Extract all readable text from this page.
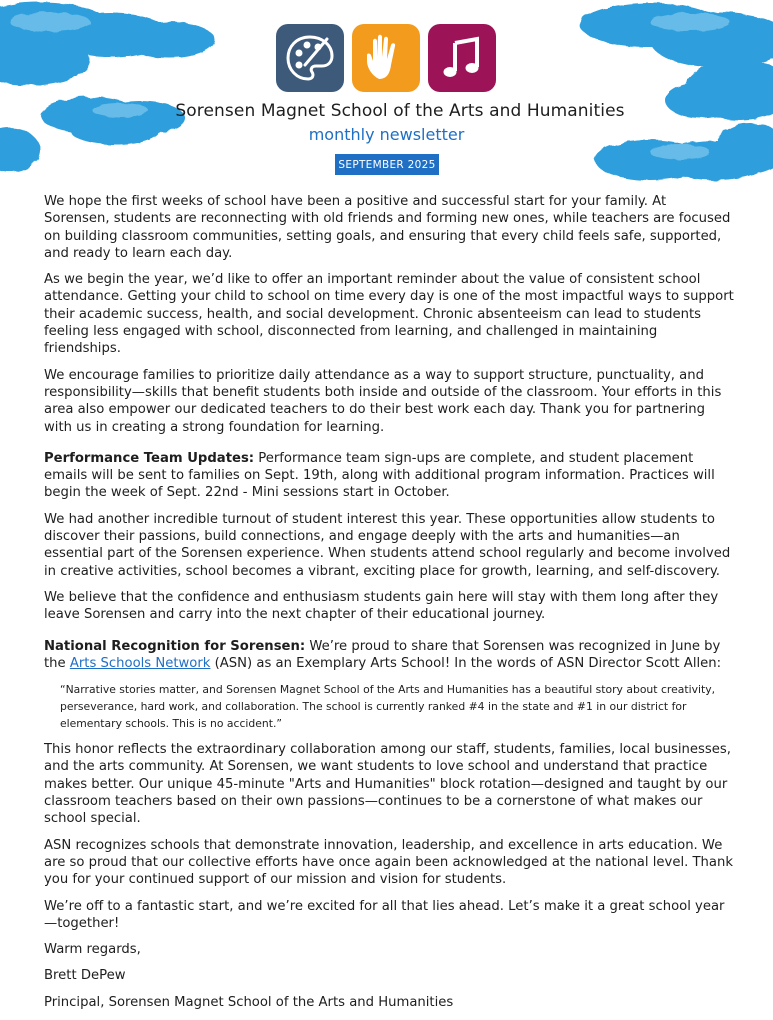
Sorensen Magnet School of the Arts and Humanities
monthly newsletter
SEPTEMBER 2025

We hope the first weeks of school have been a positive and successful start for your family. At Sorensen, students are reconnecting with old friends and forming new ones, while teachers are focused on building classroom communities, setting goals, and ensuring that every child feels safe, supported, and ready to learn each day.

As we begin the year, we’d like to offer an important reminder about the value of consistent school attendance. Getting your child to school on time every day is one of the most impactful ways to support their academic success, health, and social development. Chronic absenteeism can lead to students feeling less engaged with school, disconnected from learning, and challenged in maintaining friendships.

We encourage families to prioritize daily attendance as a way to support structure, punctuality, and responsibility—skills that benefit students both inside and outside of the classroom. Your efforts in this area also empower our dedicated teachers to do their best work each day. Thank you for partnering with us in creating a strong foundation for learning.

Performance Team Updates: Performance team sign-ups are complete, and student placement emails will be sent to families on Sept. 19th, along with additional program information. Practices will begin the week of Sept. 22nd - Mini sessions start in October.

We had another incredible turnout of student interest this year. These opportunities allow students to discover their passions, build connections, and engage deeply with the arts and humanities—an essential part of the Sorensen experience. When students attend school regularly and become involved in creative activities, school becomes a vibrant, exciting place for growth, learning, and self-discovery.

We believe that the confidence and enthusiasm students gain here will stay with them long after they leave Sorensen and carry into the next chapter of their educational journey.

National Recognition for Sorensen: We’re proud to share that Sorensen was recognized in June by the Arts Schools Network (ASN) as an Exemplary Arts School! In the words of ASN Director Scott Allen:

“Narrative stories matter, and Sorensen Magnet School of the Arts and Humanities has a beautiful story about creativity, perseverance, hard work, and collaboration. The school is currently ranked #4 in the state and #1 in our district for elementary schools. This is no accident.”

This honor reflects the extraordinary collaboration among our staff, students, families, local businesses, and the arts community. At Sorensen, we want students to love school and understand that practice makes better. Our unique 45-minute "Arts and Humanities" block rotation—designed and taught by our classroom teachers based on their own passions—continues to be a cornerstone of what makes our school special.

ASN recognizes schools that demonstrate innovation, leadership, and excellence in arts education. We are so proud that our collective efforts have once again been acknowledged at the national level. Thank you for your continued support of our mission and vision for students.

We’re off to a fantastic start, and we’re excited for all that lies ahead. Let’s make it a great school year—together!

Warm regards,

Brett DePew

Principal, Sorensen Magnet School of the Arts and Humanities
